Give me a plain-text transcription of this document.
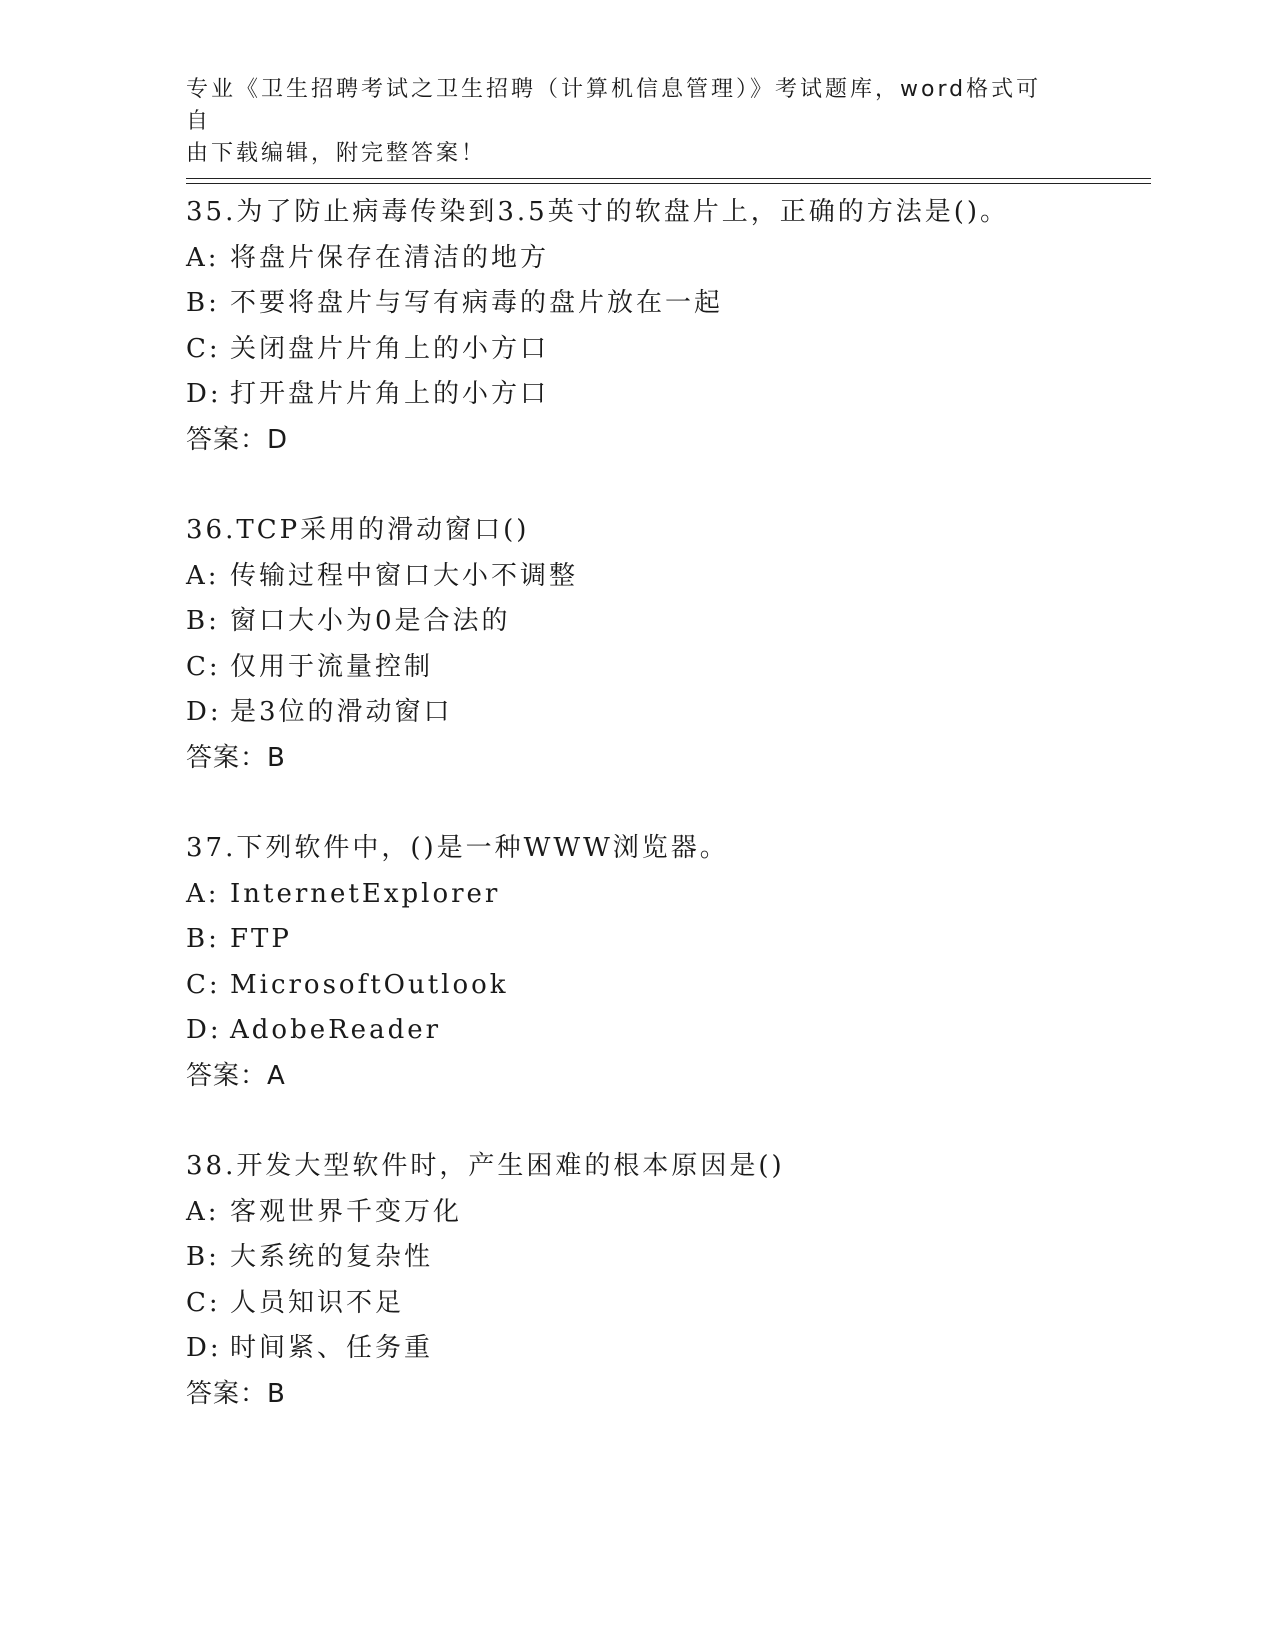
专业《卫生招聘考试之卫生招聘（计算机信息管理）》考试题库，word格式可自
由下载编辑，附完整答案！
35.为了防止病毒传染到3.5英寸的软盘片上，正确的方法是()。
A: 将盘片保存在清洁的地方
B: 不要将盘片与写有病毒的盘片放在一起
C: 关闭盘片片角上的小方口
D: 打开盘片片角上的小方口
答案：D
36.TCP采用的滑动窗口()
A: 传输过程中窗口大小不调整
B: 窗口大小为0是合法的
C: 仅用于流量控制
D: 是3位的滑动窗口
答案：B
37.下列软件中，()是一种WWW浏览器。
A: InternetExplorer
B: FTP
C: MicrosoftOutlook
D: AdobeReader
答案：A
38.开发大型软件时，产生困难的根本原因是()
A: 客观世界千变万化
B: 大系统的复杂性
C: 人员知识不足
D: 时间紧、任务重
答案：B
